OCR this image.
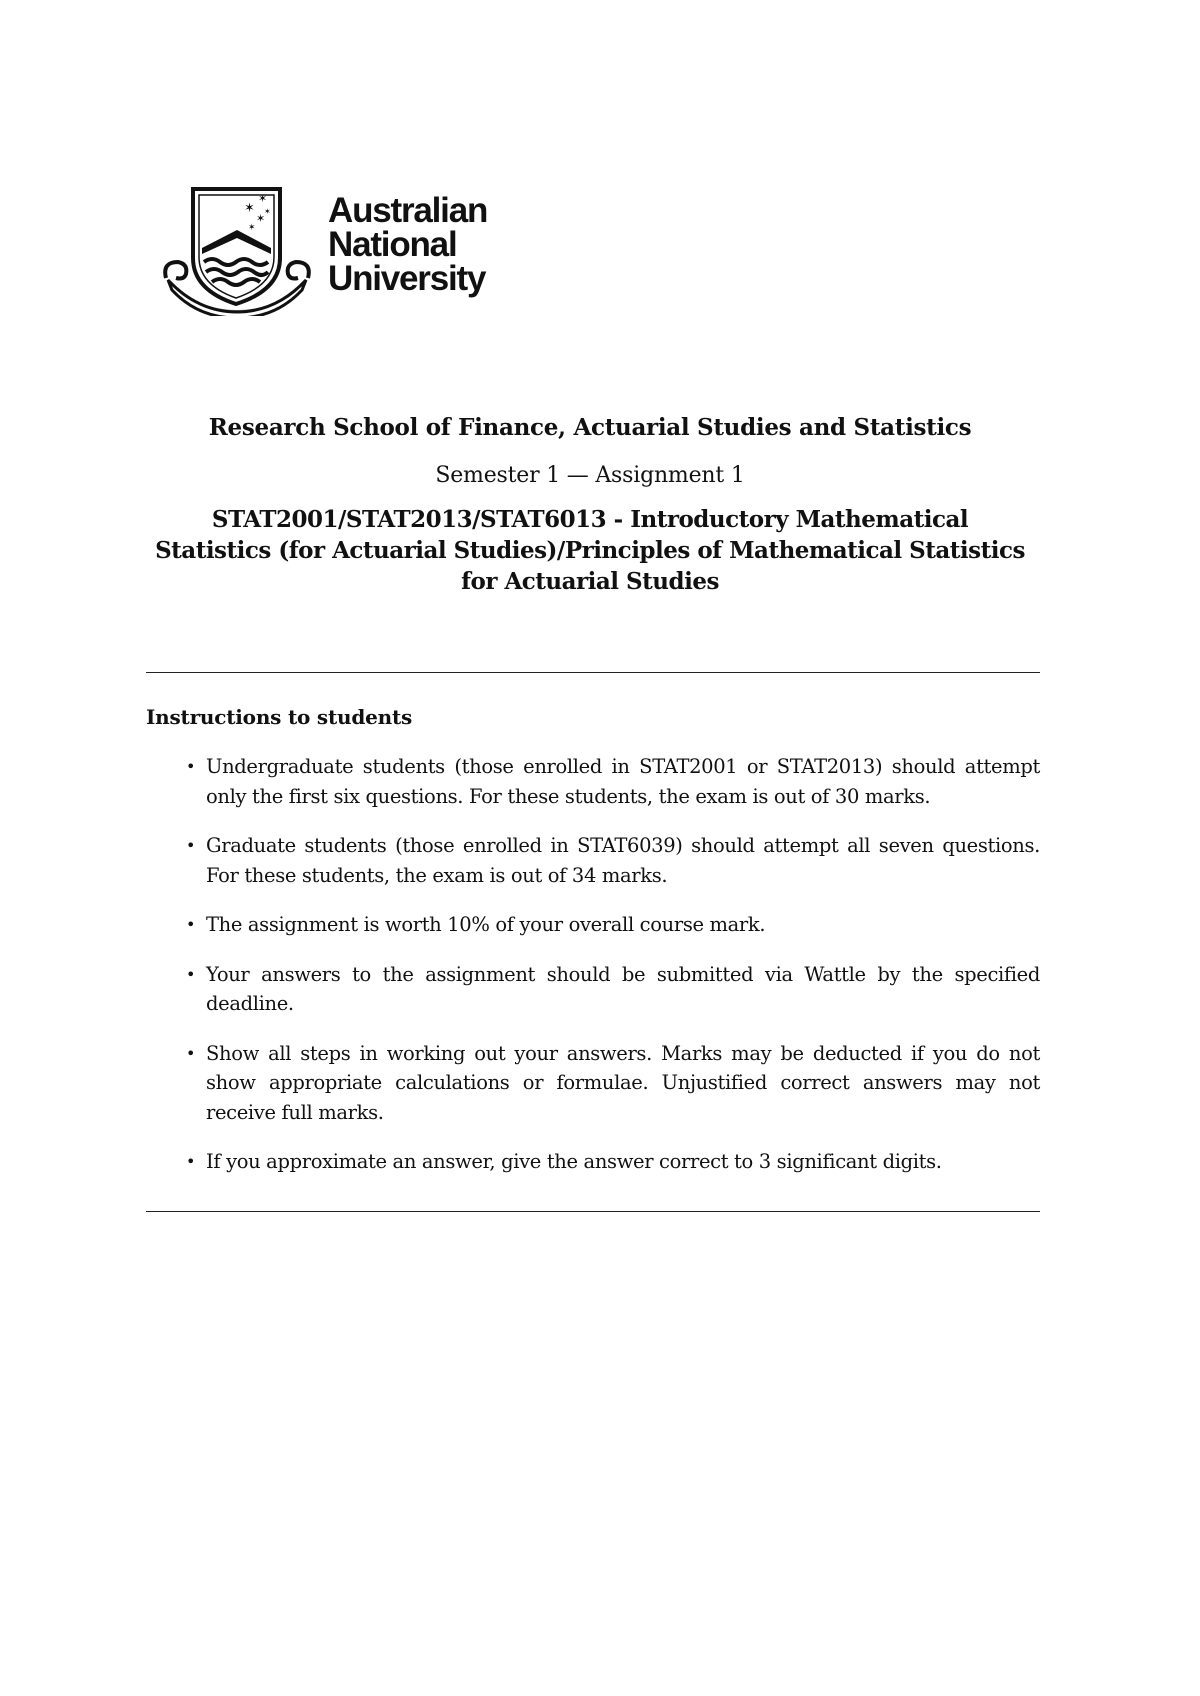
✶
✶
✶
✶
✶ Australian
National
University
Research School of Finance, Actuarial Studies and Statistics
Semester 1 — Assignment 1
STAT2001/STAT2013/STAT6013 - Introductory Mathematical
Statistics (for Actuarial Studies)/Principles of Mathematical Statistics
for Actuarial Studies
Instructions to students
• Undergraduate students (those enrolled in STAT2001 or STAT2013) should attempt only the first six questions. For these students, the exam is out of 30 marks.
• Graduate students (those enrolled in STAT6039) should attempt all seven questions. For these students, the exam is out of 34 marks.
• The assignment is worth 10% of your overall course mark.
• Your answers to the assignment should be submitted via Wattle by the specified deadline.
• Show all steps in working out your answers. Marks may be deducted if you do not show appropriate calculations or formulae. Unjustified correct answers may not receive full marks.
• If you approximate an answer, give the answer correct to 3 significant digits.
